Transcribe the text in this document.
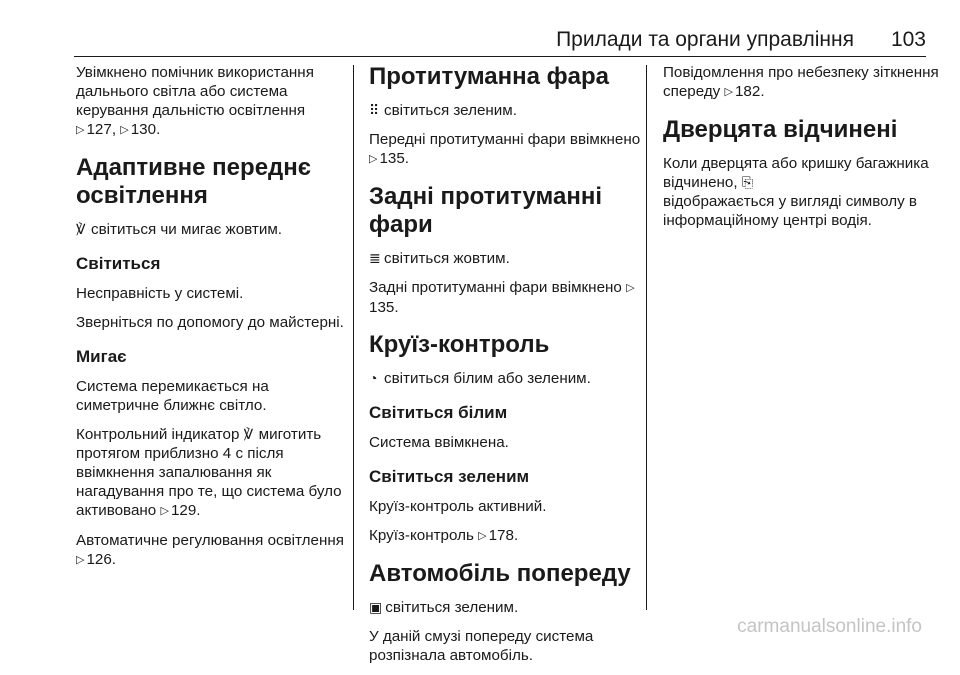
Прилади та органи управління 103

Увімкнено помічник використання дальнього світла або система керування дальністю освітлення
▷ 127, ▷ 130.

Адаптивне переднє освітлення

℣ світиться чи мигає жовтим.

Світиться

Несправність у системі.

Зверніться по допомогу до майстерні.

Мигає

Система перемикається на симетричне ближнє світло.

Контрольний індикатор ℣ миготить протягом приблизно 4 с після ввімкнення запалювання як нагадування про те, що система було активовано ▷ 129.

Автоматичне регулювання освітлення ▷ 126.

Протитуманна фара

⠿ світиться зеленим.

Передні протитуманні фари ввімкнено ▷ 135.

Задні протитуманні фари

≣ світиться жовтим.

Задні протитуманні фари ввімкнено ▷135.

Круїз-контроль

◔ світиться білим або зеленим.

Світиться білим

Система ввімкнена.

Світиться зеленим

Круїз-контроль активний.

Круїз-контроль ▷ 178.

Автомобіль попереду

▣ світиться зеленим.

У даній смузі попереду система розпізнала автомобіль.

Повідомлення про небезпеку зіткнення спереду ▷ 182.

Дверцята відчинені

Коли дверцята або кришку багажника відчинено, ⎘
відображається у вигляді символу в інформаційному центрі водія.

carmanualsonline.info
